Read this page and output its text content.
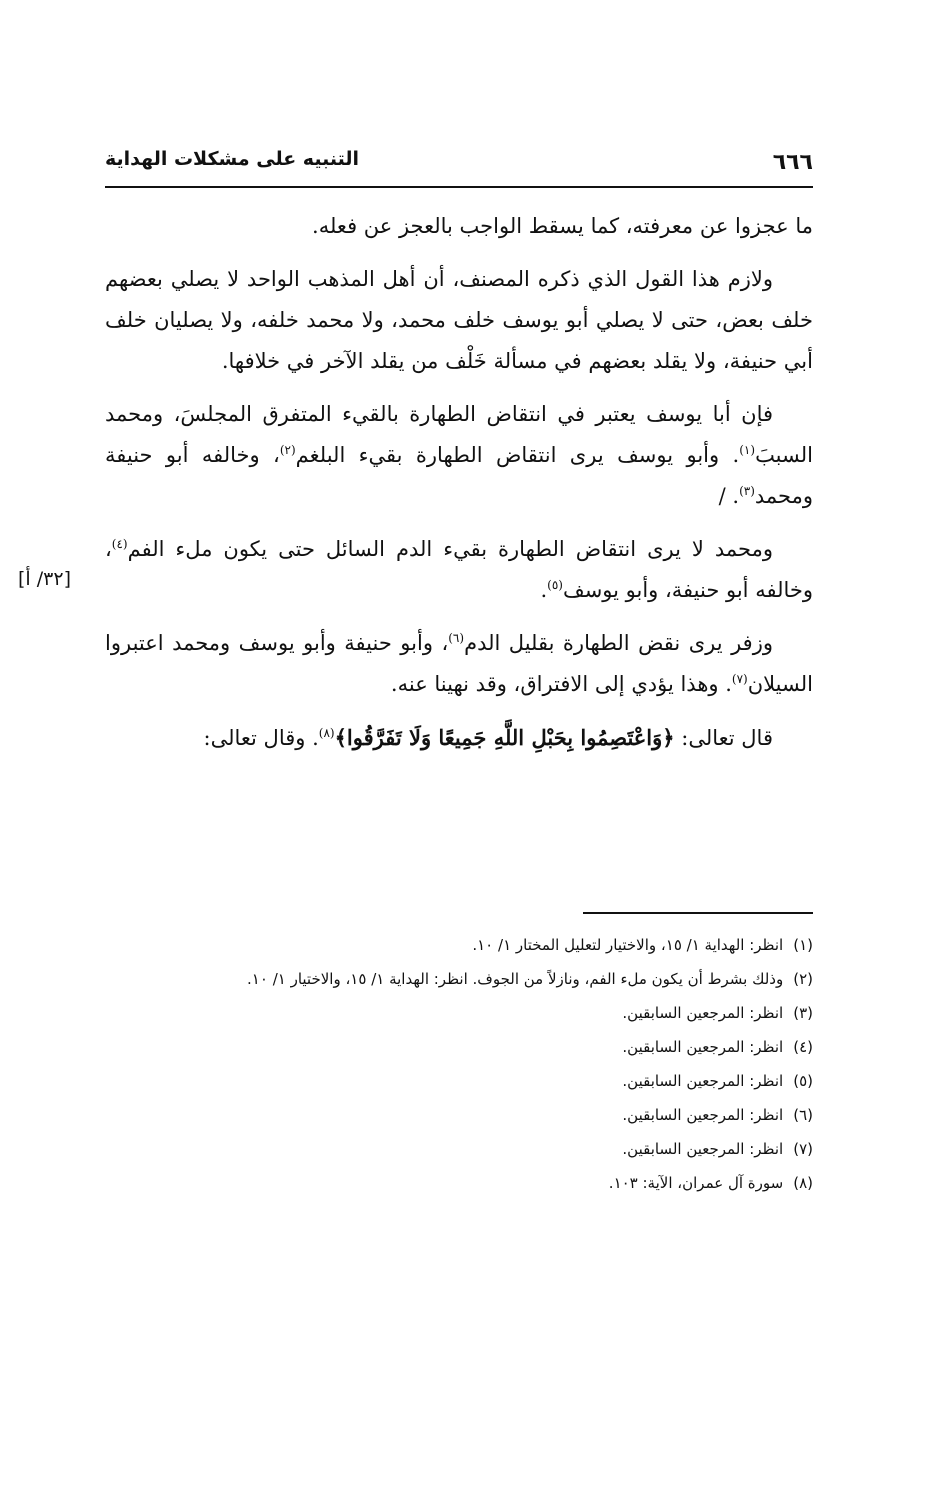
٦٦٦
التنبيه على مشكلات الهداية
[٣٢/ أ]

ما عجزوا عن معرفته، كما يسقط الواجب بالعجز عن فعله.

ولازم هذا القول الذي ذكره المصنف، أن أهل المذهب الواحد لا يصلي بعضهم خلف بعض، حتى لا يصلي أبو يوسف خلف محمد، ولا محمد خلفه، ولا يصليان خلف أبي حنيفة، ولا يقلد بعضهم في مسألة خَلْف من يقلد الآخر في خلافها.

فإن أبا يوسف يعتبر في انتقاض الطهارة بالقيء المتفرق المجلسَ، ومحمد السببَ$^{(١)}$. وأبو يوسف يرى انتقاض الطهارة بقيء البلغم$^{(٢)}$، وخالفه أبو حنيفة ومحمد$^{(٣)}$. /

ومحمد لا يرى انتقاض الطهارة بقيء الدم السائل حتى يكون ملء الفم$^{(٤)}$، وخالفه أبو حنيفة، وأبو يوسف$^{(٥)}$.

وزفر يرى نقض الطهارة بقليل الدم$^{(٦)}$، وأبو حنيفة وأبو يوسف ومحمد اعتبروا السيلان$^{(٧)}$. وهذا يؤدي إلى الافتراق، وقد نهينا عنه.

قال تعالى: ﴿وَاعْتَصِمُوا بِحَبْلِ اللَّهِ جَمِيعًا وَلَا تَفَرَّقُوا﴾$^{(٨)}$. وقال تعالى:

(١)انظر: الهداية ١/ ١٥، والاختيار لتعليل المختار ١/ ١٠.

(٢)وذلك بشرط أن يكون ملء الفم، ونازلاً من الجوف. انظر: الهداية ١/ ١٥، والاختيار ١/ ١٠.

(٣)انظر: المرجعين السابقين.

(٤)انظر: المرجعين السابقين.

(٥)انظر: المرجعين السابقين.

(٦)انظر: المرجعين السابقين.

(٧)انظر: المرجعين السابقين.

(٨)سورة آل عمران، الآية: ١٠٣.
